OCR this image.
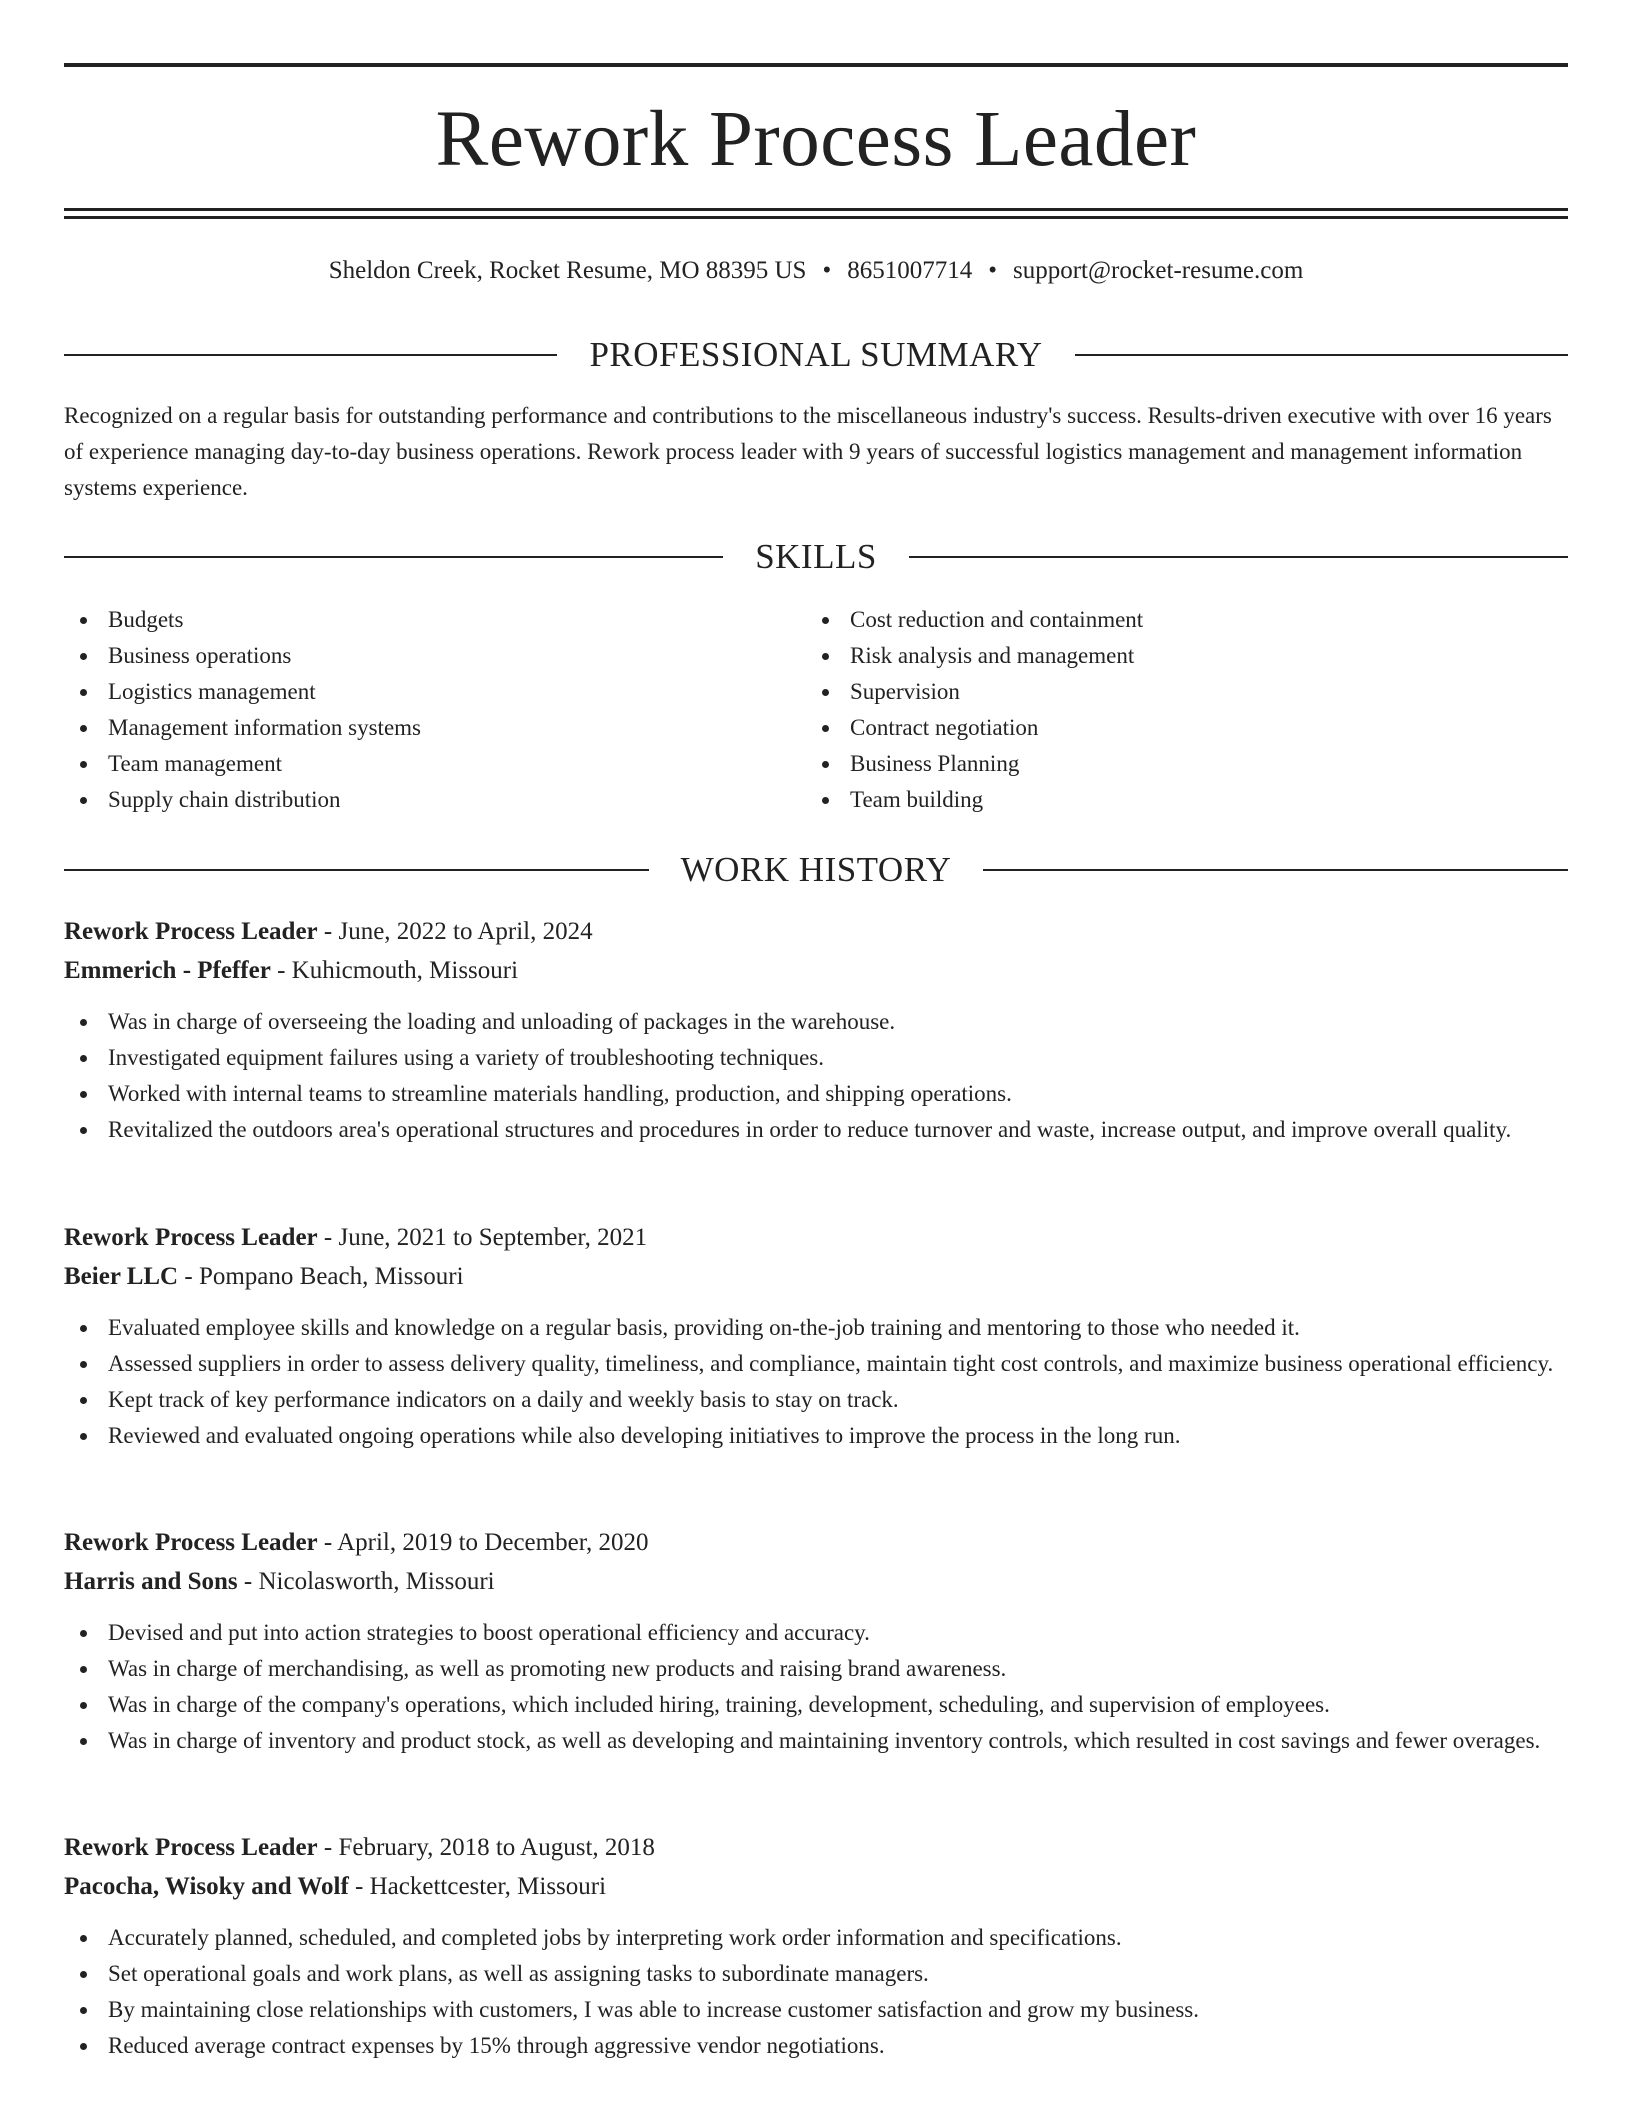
Rework Process Leader
Sheldon Creek, Rocket Resume, MO 88395 US • 8651007714 • support@rocket-resume.com
PROFESSIONAL SUMMARY

Recognized on a regular basis for outstanding performance and contributions to the miscellaneous industry's success. Results-driven executive with over 16 years of experience managing day-to-day business operations. Rework process leader with 9 years of successful logistics management and management information systems experience.

SKILLS
Budgets
Business operations
Logistics management
Management information systems
Team management
Supply chain distribution
Cost reduction and containment
Risk analysis and management
Supervision
Contract negotiation
Business Planning
Team building
WORK HISTORY
Rework Process Leader - June, 2022 to April, 2024
Emmerich - Pfeffer - Kuhicmouth, Missouri
Was in charge of overseeing the loading and unloading of packages in the warehouse.
Investigated equipment failures using a variety of troubleshooting techniques.
Worked with internal teams to streamline materials handling, production, and shipping operations.
Revitalized the outdoors area's operational structures and procedures in order to reduce turnover and waste, increase output, and improve overall quality.
Rework Process Leader - June, 2021 to September, 2021
Beier LLC - Pompano Beach, Missouri
Evaluated employee skills and knowledge on a regular basis, providing on-the-job training and mentoring to those who needed it.
Assessed suppliers in order to assess delivery quality, timeliness, and compliance, maintain tight cost controls, and maximize business operational efficiency.
Kept track of key performance indicators on a daily and weekly basis to stay on track.
Reviewed and evaluated ongoing operations while also developing initiatives to improve the process in the long run.
Rework Process Leader - April, 2019 to December, 2020
Harris and Sons - Nicolasworth, Missouri
Devised and put into action strategies to boost operational efficiency and accuracy.
Was in charge of merchandising, as well as promoting new products and raising brand awareness.
Was in charge of the company's operations, which included hiring, training, development, scheduling, and supervision of employees.
Was in charge of inventory and product stock, as well as developing and maintaining inventory controls, which resulted in cost savings and fewer overages.
Rework Process Leader - February, 2018 to August, 2018
Pacocha, Wisoky and Wolf - Hackettcester, Missouri
Accurately planned, scheduled, and completed jobs by interpreting work order information and specifications.
Set operational goals and work plans, as well as assigning tasks to subordinate managers.
By maintaining close relationships with customers, I was able to increase customer satisfaction and grow my business.
Reduced average contract expenses by 15% through aggressive vendor negotiations.
